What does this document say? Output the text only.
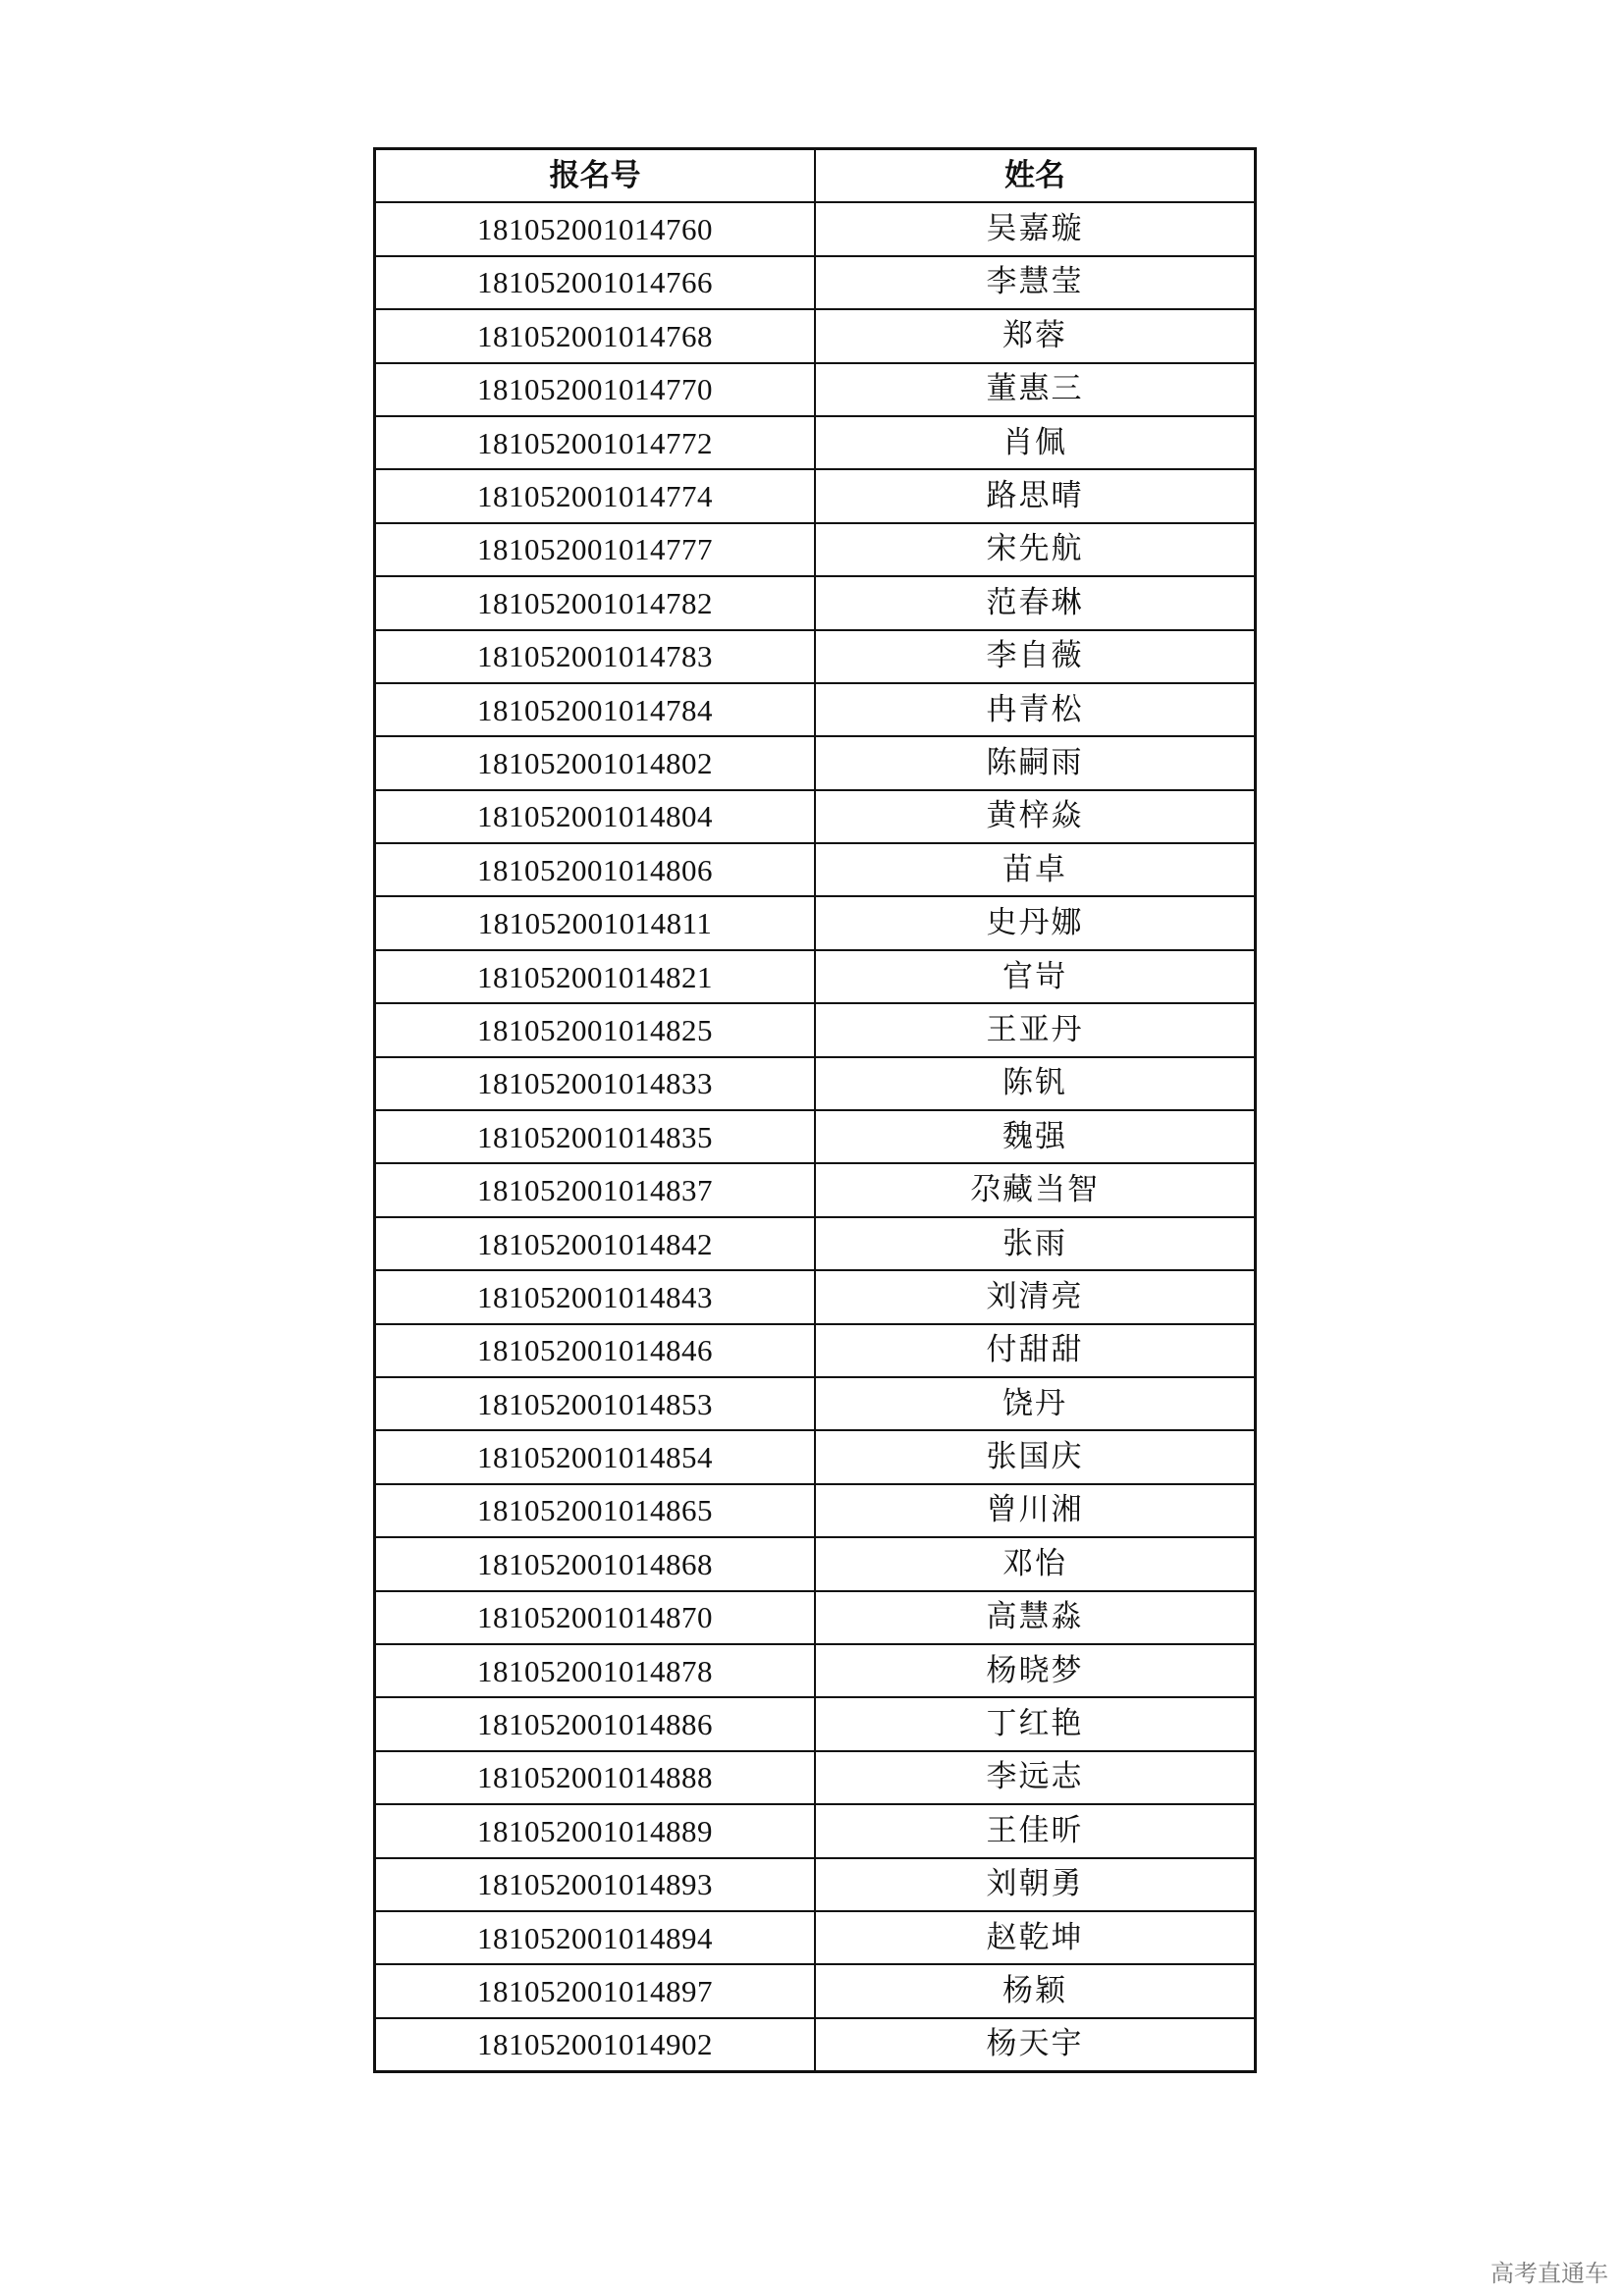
报名号	姓名
181052001014760	吴嘉璇
181052001014766	李慧莹
181052001014768	郑蓉
181052001014770	董惠三
181052001014772	肖佩
181052001014774	路思晴
181052001014777	宋先航
181052001014782	范春琳
181052001014783	李自薇
181052001014784	冉青松
181052001014802	陈嗣雨
181052001014804	黄梓焱
181052001014806	苗卓
181052001014811	史丹娜
181052001014821	官岢
181052001014825	王亚丹
181052001014833	陈钒
181052001014835	魏强
181052001014837	尕藏当智
181052001014842	张雨
181052001014843	刘清亮
181052001014846	付甜甜
181052001014853	饶丹
181052001014854	张国庆
181052001014865	曾川湘
181052001014868	邓怡
181052001014870	高慧淼
181052001014878	杨晓梦
181052001014886	丁红艳
181052001014888	李远志
181052001014889	王佳昕
181052001014893	刘朝勇
181052001014894	赵乾坤
181052001014897	杨颖
181052001014902	杨天宇
高考直通车
